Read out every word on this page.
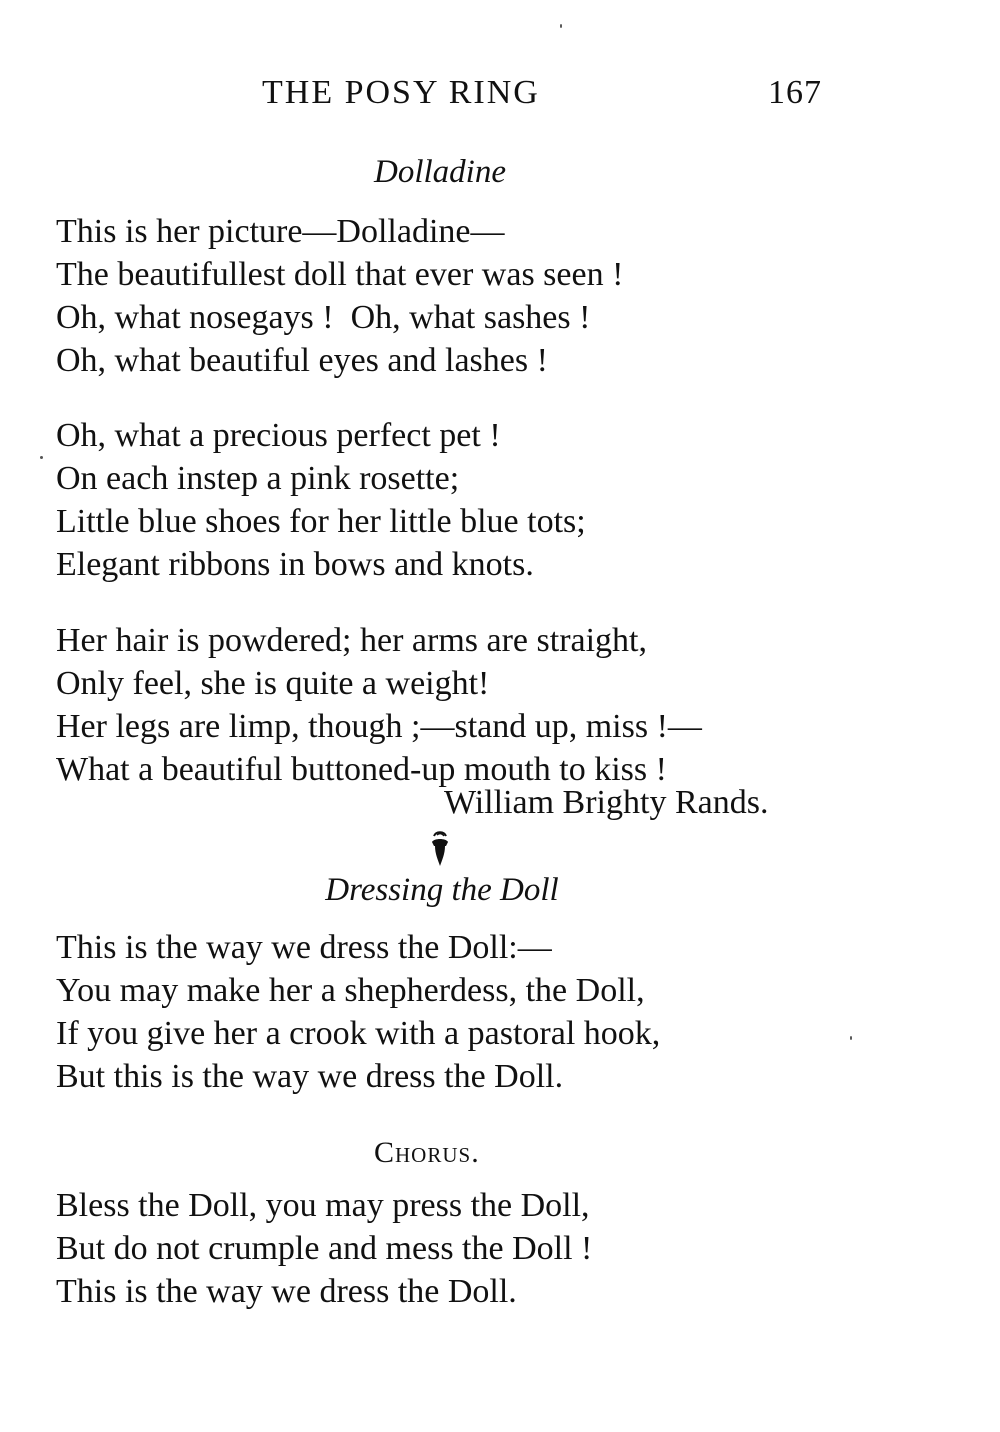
THE POSY RING	167
Dolladine
This is her picture—Dolladine—
The beautifullest doll that ever was seen !
Oh, what nosegays !  Oh, what sashes !
Oh, what beautiful eyes and lashes !
Oh, what a precious perfect pet !
On each instep a pink rosette;
Little blue shoes for her little blue tots;
Elegant ribbons in bows and knots.
Her hair is powdered; her arms are straight,
Only feel, she is quite a weight!
Her legs are limp, though ;—stand up, miss !—
What a beautiful buttoned-up mouth to kiss !
William Brighty Rands.
Dressing the Doll
This is the way we dress the Doll:—
You may make her a shepherdess, the Doll,
If you give her a crook with a pastoral hook,
But this is the way we dress the Doll.
Chorus.
Bless the Doll, you may press the Doll,
But do not crumple and mess the Doll !
This is the way we dress the Doll.
